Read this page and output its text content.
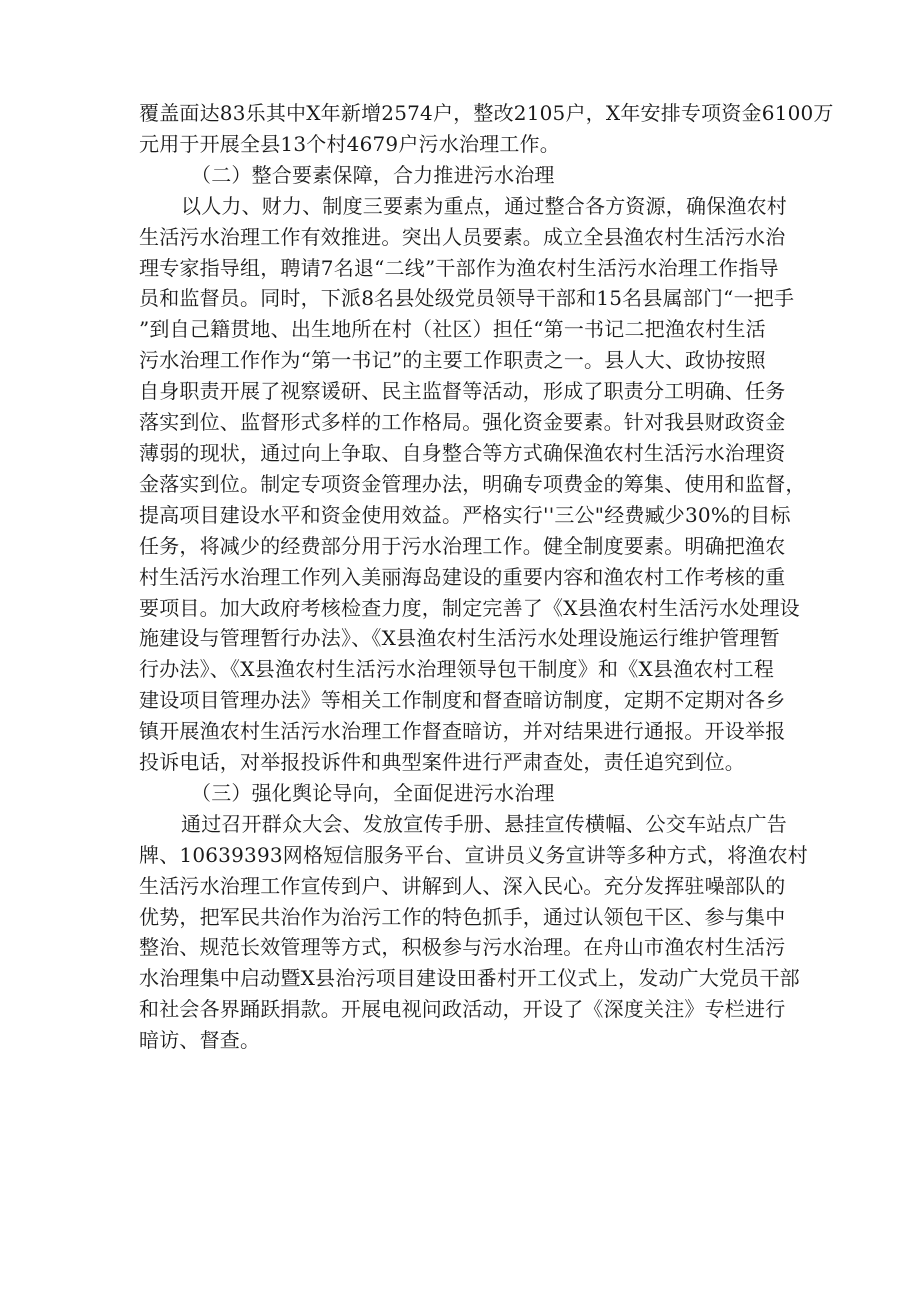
覆盖面达83乐其中X年新增2574户，整改2105户，X年安排专项资金6100万

元用于开展全县13个村4679户污水治理工作。

（二）整合要素保障，合力推进污水治理

以人力、财力、制度三要素为重点，通过整合各方资源，确保渔农村

生活污水治理工作有效推进。突出人员要素。成立全县渔农村生活污水治

理专家指导组，聘请7名退“二线”干部作为渔农村生活污水治理工作指导

员和监督员。同时，下派8名县处级党员领导干部和15名县属部门“一把手

”到自己籍贯地、出生地所在村（社区）担任“第一书记二把渔农村生活

污水治理工作作为“第一书记”的主要工作职责之一。县人大、政协按照

自身职责开展了视察谖研、民主监督等活动，形成了职责分工明确、任务

落实到位、监督形式多样的工作格局。强化资金要素。针对我县财政资金

薄弱的现状，通过向上争取、自身整合等方式确保渔农村生活污水治理资

金落实到位。制定专项资金管理办法，明确专项费金的筹集、使用和监督，

提高项目建设水平和资金使用效益。严格实行''三公"经费臧少30%的目标

任务，将减少的经费部分用于污水治理工作。健全制度要素。明确把渔农

村生活污水治理工作列入美丽海岛建设的重要内容和渔农村工作考核的重

要项目。加大政府考核检查力度，制定完善了《X县渔农村生活污水处理设

施建设与管理暂行办法》、《X县渔农村生活污水处理设施运行维护管理暂

行办法》、《X县渔农村生活污水治理领导包干制度》和《X县渔农村工程

建设项目管理办法》等相关工作制度和督查暗访制度，定期不定期对各乡

镇开展渔农村生活污水治理工作督查暗访，并对结果进行通报。开设举报

投诉电话，对举报投诉件和典型案件进行严肃查处，责任追究到位。

（三）强化舆论导向，全面促进污水治理

通过召开群众大会、发放宣传手册、悬挂宣传横幅、公交车站点广告

牌、10639393网格短信服务平台、宣讲员义务宣讲等多种方式，将渔农村

生活污水治理工作宣传到户、讲解到人、深入民心。充分发挥驻噪部队的

优势，把军民共治作为治污工作的特色抓手，通过认领包干区、参与集中

整治、规范长效管理等方式，积极参与污水治理。在舟山市渔农村生活污

水治理集中启动暨X县治污项目建设田番村开工仪式上，发动广大党员干部

和社会各界踊跃捐款。开展电视问政活动，开设了《深度关注》专栏进行

暗访、督查。
